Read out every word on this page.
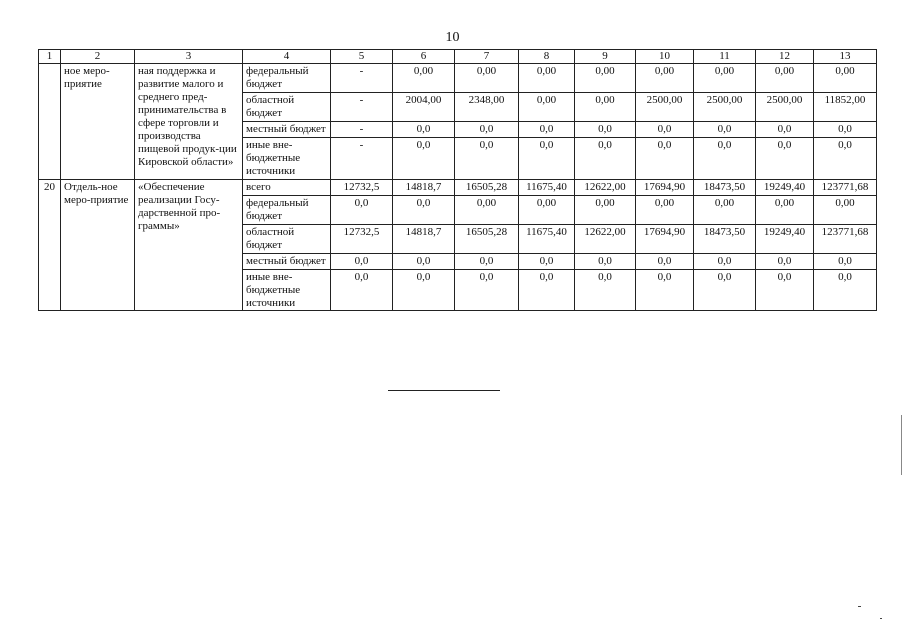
10
1	2	3	4	5	6	7	8	9	10	11	12	13
	ное меро-приятие	ная поддержка и развитие малого и среднего пред-принимательства в сфере торговли и производства пищевой продук-ции Кировской области»	федеральный бюджет	-	0,00	0,00	0,00	0,00	0,00	0,00	0,00	0,00
			областной бюджет	-	2004,00	2348,00	0,00	0,00	2500,00	2500,00	2500,00	11852,00
			местный бюджет	-	0,0	0,0	0,0	0,0	0,0	0,0	0,0	0,0
			иные вне-бюджетные источники	-	0,0	0,0	0,0	0,0	0,0	0,0	0,0	0,0
20	Отдель-ное меро-приятие	«Обеспечение реализации Госу-дарственной про-граммы»	всего	12732,5	14818,7	16505,28	11675,40	12622,00	17694,90	18473,50	19249,40	123771,68
			федеральный бюджет	0,0	0,0	0,00	0,00	0,00	0,00	0,00	0,00	0,00
			областной бюджет	12732,5	14818,7	16505,28	11675,40	12622,00	17694,90	18473,50	19249,40	123771,68
			местный бюджет	0,0	0,0	0,0	0,0	0,0	0,0	0,0	0,0	0,0
			иные вне-бюджетные источники	0,0	0,0	0,0	0,0	0,0	0,0	0,0	0,0	0,0
